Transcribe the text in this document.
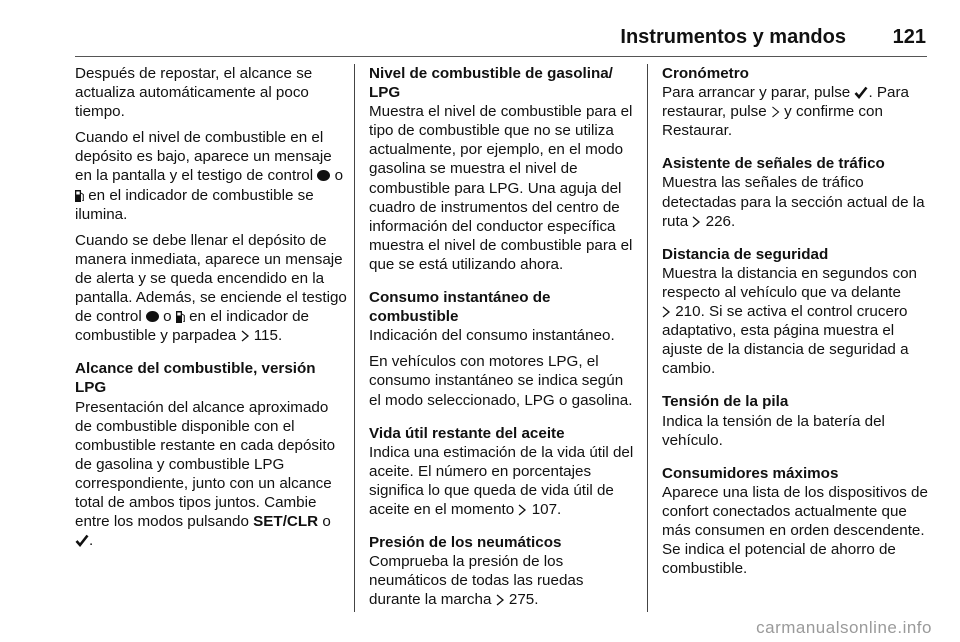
Instrumentos y mandos 121

Después de repostar, el alcance se actualiza automáticamente al poco tiempo.

Cuando el nivel de combustible en el depósito es bajo, aparece un mensaje en la pantalla y el testigo de control o  en el indicador de combustible se ilumina.

Cuando se debe llenar el depósito de manera inmediata, aparece un mensaje de alerta y se queda encendido en la pantalla. Además, se enciende el testigo de control o en el indicador de combustible y parpadea 115.

Alcance del combustible, versión LPG

Presentación del alcance aproximado de combustible disponible con el combustible restante en cada depósito de gasolina y combustible LPG correspondiente, junto con un alcance total de ambos tipos juntos. Cambie entre los modos pulsando SET/CLR o .

Nivel de combustible de gasolina/ LPG

Muestra el nivel de combustible para el tipo de combustible que no se utiliza actualmente, por ejemplo, en el modo gasolina se muestra el nivel de combustible para LPG. Una aguja del cuadro de instrumentos del centro de información del conductor específica muestra el nivel de combustible para el que se está utilizando ahora.

Consumo instantáneo de combustible

Indicación del consumo instantáneo.

En vehículos con motores LPG, el consumo instantáneo se indica según el modo seleccionado, LPG o gasolina.

Vida útil restante del aceite

Indica una estimación de la vida útil del aceite. El número en porcentajes significa lo que queda de vida útil de aceite en el momento 107.

Presión de los neumáticos

Comprueba la presión de los neumáticos de todas las ruedas durante la marcha 275.

Cronómetro

Para arrancar y parar, pulse . Para restaurar, pulse y confirme con Restaurar.

Asistente de señales de tráfico

Muestra las señales de tráfico detectadas para la sección actual de la ruta 226.

Distancia de seguridad

Muestra la distancia en segundos con respecto al vehículo que va delante  210. Si se activa el control crucero adaptativo, esta página muestra el ajuste de la distancia de seguridad a cambio.

Tensión de la pila

Indica la tensión de la batería del vehículo.

Consumidores máximos

Aparece una lista de los dispositivos de confort conectados actualmente que más consumen en orden descendente. Se indica el potencial de ahorro de combustible.

carmanualsonline.info
